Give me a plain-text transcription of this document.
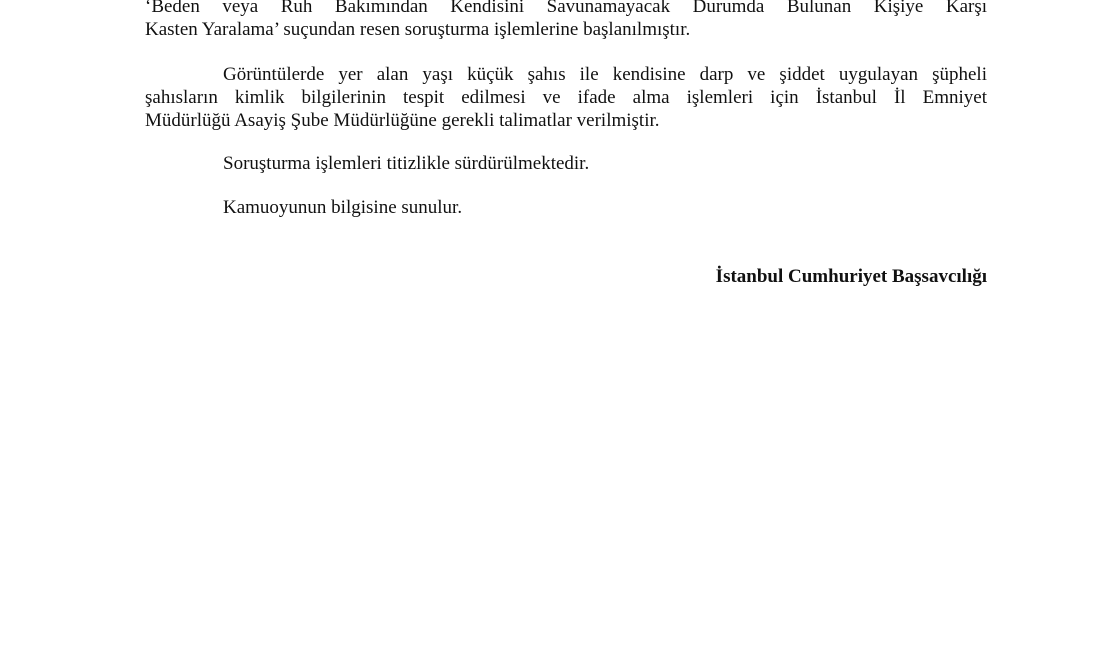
‘Beden veya Ruh Bakımından Kendisini Savunamayacak Durumda Bulunan Kişiye Karşı
Kasten Yaralama’ suçundan resen soruşturma işlemlerine başlanılmıştır.

Görüntülerde yer alan yaşı küçük şahıs ile kendisine darp ve şiddet uygulayan şüpheli
şahısların kimlik bilgilerinin tespit edilmesi ve ifade alma işlemleri için İstanbul İl Emniyet
Müdürlüğü Asayiş Şube Müdürlüğüne gerekli talimatlar verilmiştir.

Soruşturma işlemleri titizlikle sürdürülmektedir.

Kamuoyunun bilgisine sunulur.

İstanbul Cumhuriyet Başsavcılığı
